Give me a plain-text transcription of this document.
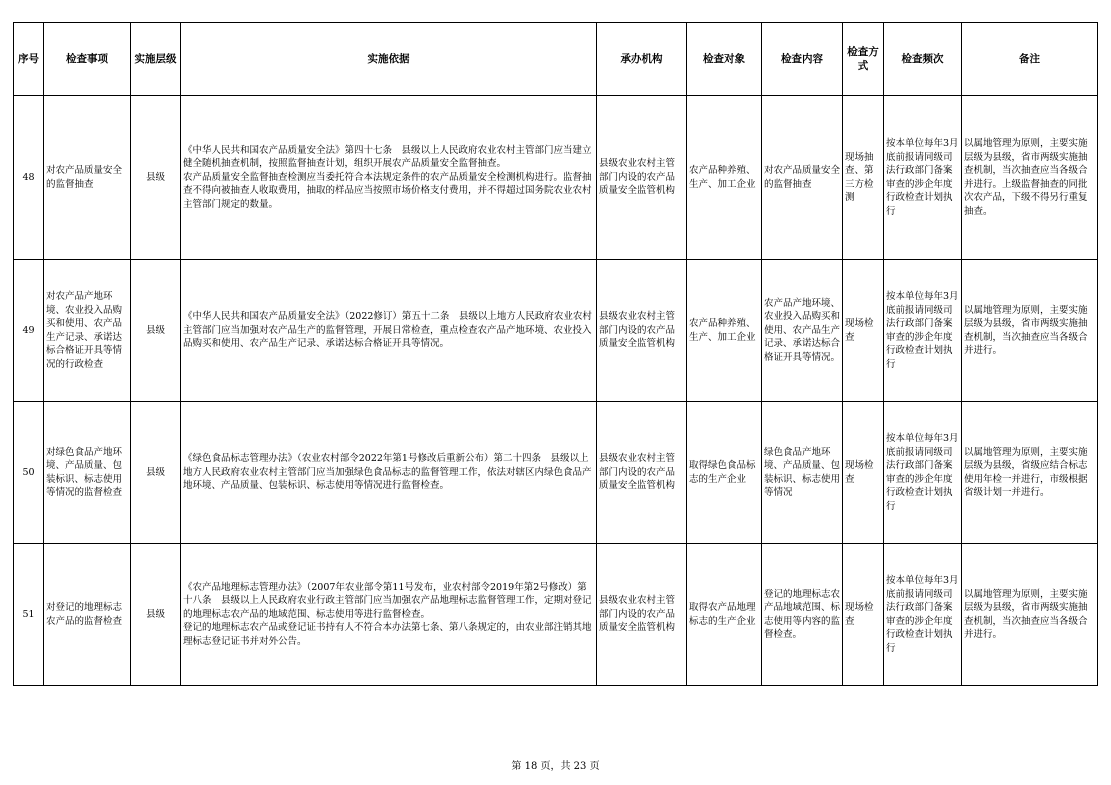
序号	检查事项	实施层级	实施依据	承办机构	检查对象	检查内容	检查方式	检查频次	备注
48	对农产品质量安全的监督抽查	县级	《中华人民共和国农产品质量安全法》第四十七条　县级以上人民政府农业农村主管部门应当建立健全随机抽查机制，按照监督抽查计划，组织开展农产品质量安全监督抽查。
农产品质量安全监督抽查检测应当委托符合本法规定条件的农产品质量安全检测机构进行。监督抽查不得向被抽查人收取费用，抽取的样品应当按照市场价格支付费用，并不得超过国务院农业农村主管部门规定的数量。	县级农业农村主管部门内设的农产品质量安全监管机构	农产品种养殖、生产、加工企业	对农产品质量安全的监督抽查	现场抽查、第三方检测	按本单位每年3月底前报请同级司法行政部门备案审查的涉企年度行政检查计划执行	以属地管理为原则，主要实施层级为县级，省市两级实施抽查机制，当次抽查应当各级合并进行。上级监督抽查的同批次农产品，下级不得另行重复抽查。
49	对农产品产地环境、农业投入品购买和使用、农产品生产记录、承诺达标合格证开具等情况的行政检查	县级	《中华人民共和国农产品质量安全法》（2022修订）第五十二条　县级以上地方人民政府农业农村主管部门应当加强对农产品生产的监督管理，开展日常检查，重点检查农产品产地环境、农业投入品购买和使用、农产品生产记录、承诺达标合格证开具等情况。	县级农业农村主管部门内设的农产品质量安全监管机构	农产品种养殖、生产、加工企业	农产品产地环境、农业投入品购买和使用、农产品生产记录、承诺达标合格证开具等情况。	现场检查	按本单位每年3月底前报请同级司法行政部门备案审查的涉企年度行政检查计划执行	以属地管理为原则，主要实施层级为县级，省市两级实施抽查机制，当次抽查应当各级合并进行。
50	对绿色食品产地环境、产品质量、包装标识、标志使用等情况的监督检查	县级	《绿色食品标志管理办法》（农业农村部令2022年第1号修改后重新公布）第二十四条　县级以上地方人民政府农业农村主管部门应当加强绿色食品标志的监督管理工作，依法对辖区内绿色食品产地环境、产品质量、包装标识、标志使用等情况进行监督检查。	县级农业农村主管部门内设的农产品质量安全监管机构	取得绿色食品标志的生产企业	绿色食品产地环境、产品质量、包装标识、标志使用等情况	现场检查	按本单位每年3月底前报请同级司法行政部门备案审查的涉企年度行政检查计划执行	以属地管理为原则，主要实施层级为县级，省级应结合标志使用年检一并进行，市级根据省级计划一并进行。
51	对登记的地理标志农产品的监督检查	县级	《农产品地理标志管理办法》（2007年农业部令第11号发布，业农村部令2019年第2号修改）第十八条　县级以上人民政府农业行政主管部门应当加强农产品地理标志监督管理工作，定期对登记的地理标志农产品的地域范围、标志使用等进行监督检查。
登记的地理标志农产品或登记证书持有人不符合本办法第七条、第八条规定的，由农业部注销其地理标志登记证书并对外公告。	县级农业农村主管部门内设的农产品质量安全监管机构	取得农产品地理标志的生产企业	登记的地理标志农产品地域范围、标志使用等内容的监督检查。	现场检查	按本单位每年3月底前报请同级司法行政部门备案审查的涉企年度行政检查计划执行	以属地管理为原则，主要实施层级为县级，省市两级实施抽查机制，当次抽查应当各级合并进行。
第 18 页，共 23 页
